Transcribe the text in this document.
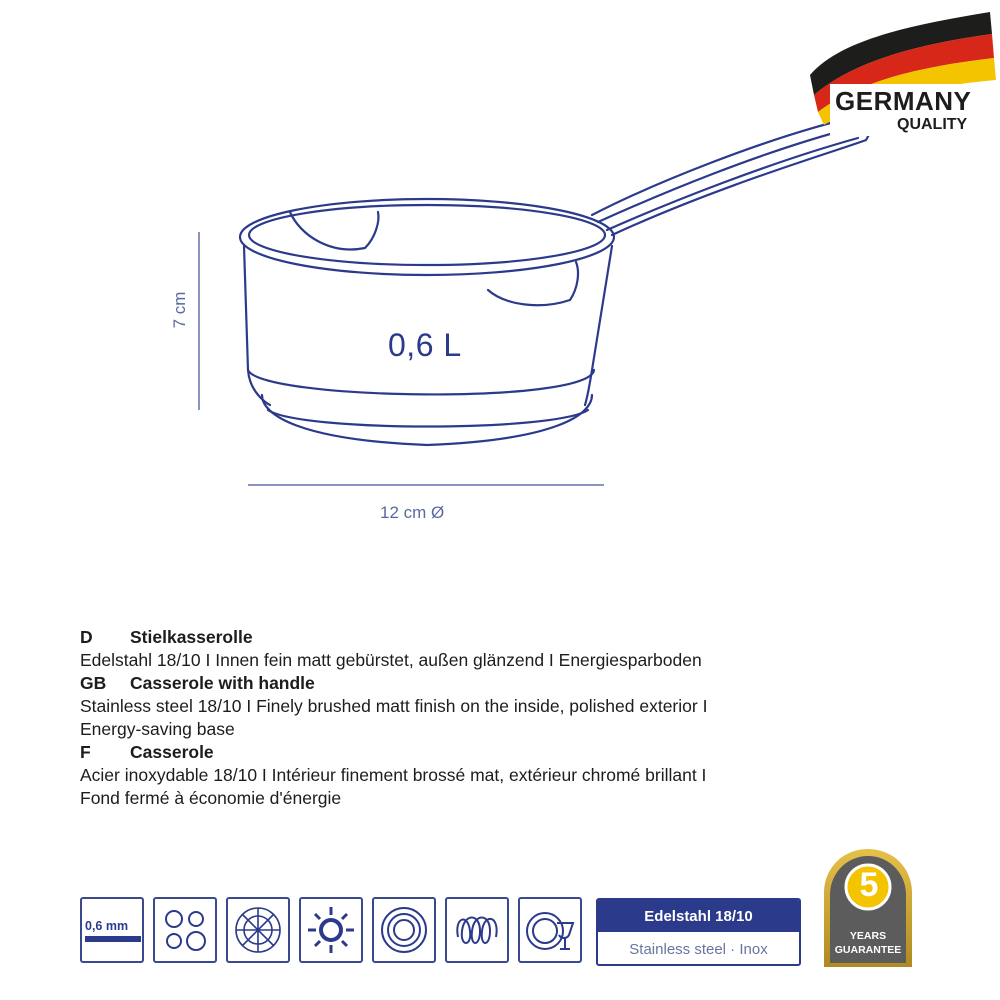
0,6 L
7 cm
12 cm Ø
GERMANY
QUALITY
D	Stielkasserolle
Edelstahl 18/10 I Innen fein matt gebürstet, außen glänzend I Energiesparboden
GB	Casserole with handle
Stainless steel 18/10 I Finely brushed matt finish on the inside, polished exterior I
Energy-saving base
F	Casserole
Acier inoxydable 18/10 I Intérieur finement brossé mat, extérieur chromé brillant I
Fond fermé à économie d'énergie
0,6 mm
Edelstahl 18/10
Stainless steel · Inox
5
YEARS
GUARANTEE
